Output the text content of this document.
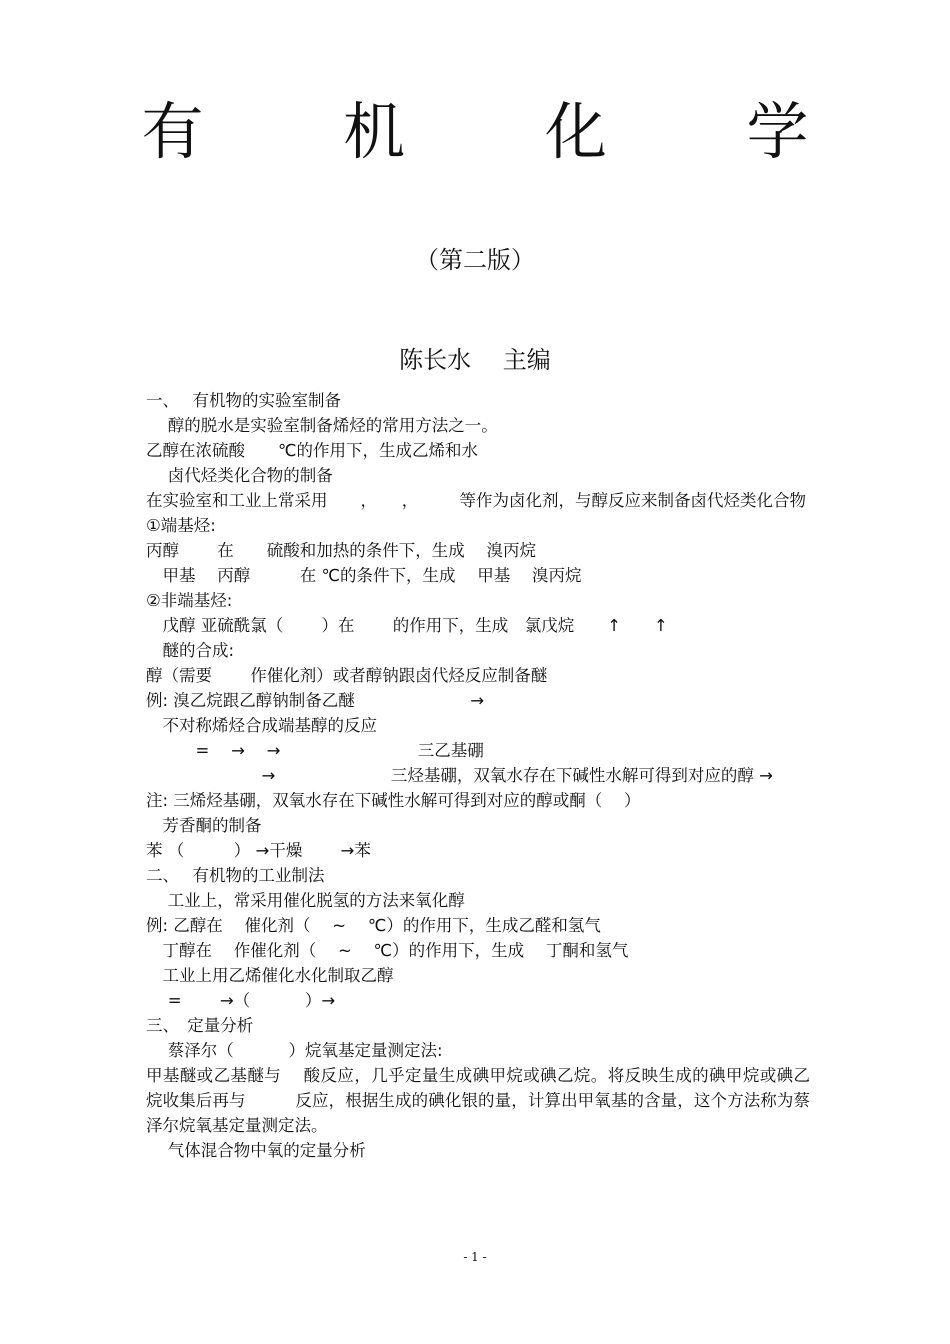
有 机 化 学
（第二版）
陈长水　 主编
一、　 有机物的实验室制备
　 醇的脱水是实验室制备烯烃的常用方法之一。
乙醇在浓硫酸　　℃的作用下，生成乙烯和水
　 卤代烃类化合物的制备
在实验室和工业上常采用　　，　　，　　　等作为卤化剂，与醇反应来制备卤代烃类化合物
①端基烃:
丙醇　　 在　　硫酸和加热的条件下，生成　 溴丙烷
　甲基　 丙醇　　　在 ℃的条件下，生成　 甲基　 溴丙烷
②非端基烃:
　戊醇 亚硫酰氯（　　 ）在　　 的作用下，生成　氯戊烷　　↑　　↑
　醚的合成:
醇（需要　　 作催化剂）或者醇钠跟卤代烃反应制备醚
例: 溴乙烷跟乙醇钠制备乙醚　　　　　　　→
　不对称烯烃合成端基醇的反应
　　　=　 →　 →　　　　　　　　 三乙基硼
　　　　　　　→　　　　　　　三烃基硼，双氧水存在下碱性水解可得到对应的醇 →
注: 三烯烃基硼，双氧水存在下碱性水解可得到对应的醇或酮（　 ）
　芳香酮的制备
苯 （　　　） →干燥　　 →苯
二、　 有机物的工业制法
　 工业上，常采用催化脱氢的方法来氧化醇
例: 乙醇在　 催化剂（　 ~　 ℃）的作用下，生成乙醛和氢气
　丁醇在　 作催化剂（　 ~　 ℃）的作用下，生成　 丁酮和氢气
　工业上用乙烯催化水化制取乙醇
　 =　　 →（　　　 ）→
三、　定量分析
　 蔡泽尔（　　　 ）烷氧基定量测定法:
甲基醚或乙基醚与　 酸反应，几乎定量生成碘甲烷或碘乙烷。将反映生成的碘甲烷或碘乙烷收集后再与　　　反应，根据生成的碘化银的量，计算出甲氧基的含量，这个方法称为蔡泽尔烷氧基定量测定法。
　 气体混合物中氧的定量分析
- 1 -
